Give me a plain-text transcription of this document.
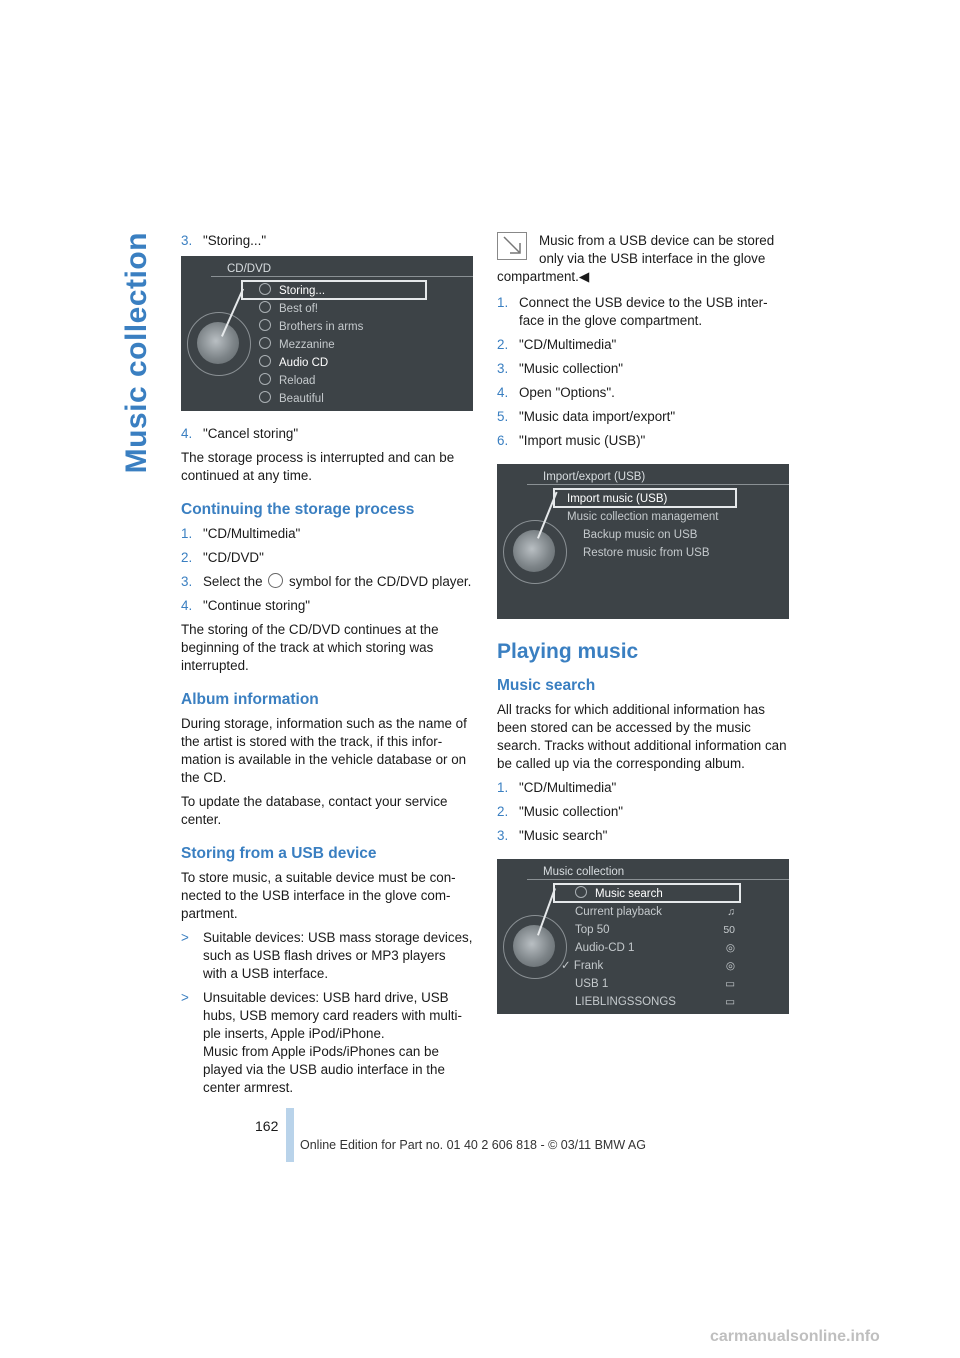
Music collection 3. "Storing..."
CD/DVD
Storing...
Best of!
Brothers in arms
Mezzanine
Audio CD
Reload
Beautiful
4. "Cancel storing"

The storage process is interrupted and can be continued at any time.

Continuing the storage process
1. "CD/Multimedia"
2. "CD/DVD"
3. Select the symbol for the CD/DVD player.
4. "Continue storing"

The storing of the CD/DVD continues at the beginning of the track at which storing was interrupted.

Album information

During storage, information such as the name of the artist is stored with the track, if this infor-mation is available in the vehicle database or on the CD.

To update the database, contact your service center.

Storing from a USB device

To store music, a suitable device must be con-nected to the USB interface in the glove com-partment.

> Suitable devices: USB mass storage devices, such as USB flash drives or MP3 players with a USB interface.
> Unsuitable devices: USB hard drive, USB hubs, USB memory card readers with multi-ple inserts, Apple iPod/iPhone.
Music from Apple iPods/iPhones can be played via the USB audio interface in the center armrest.
Music from a USB device can be stored only via the USB interface in the glove compartment.◀
1. Connect the USB device to the USB inter-face in the glove compartment.
2. "CD/Multimedia"
3. "Music collection"
4. Open "Options".
5. "Music data import/export"
6. "Import music (USB)"
Import/export (USB)
Import music (USB)
Music collection management
Backup music on USB
Restore music from USB
Playing music
Music search

All tracks for which additional information has been stored can be accessed by the music search. Tracks without additional information can be called up via the corresponding album.

1. "CD/Multimedia"
2. "Music collection"
3. "Music search"
Music collection
Music search
Current playback	♫
Top 50	50
Audio-CD 1	◎
✓ Frank	◎
USB 1	▭
LIEBLINGSSONGS	▭
162
Online Edition for Part no. 01 40 2 606 818 - © 03/11 BMW AG
carmanualsonline.info
